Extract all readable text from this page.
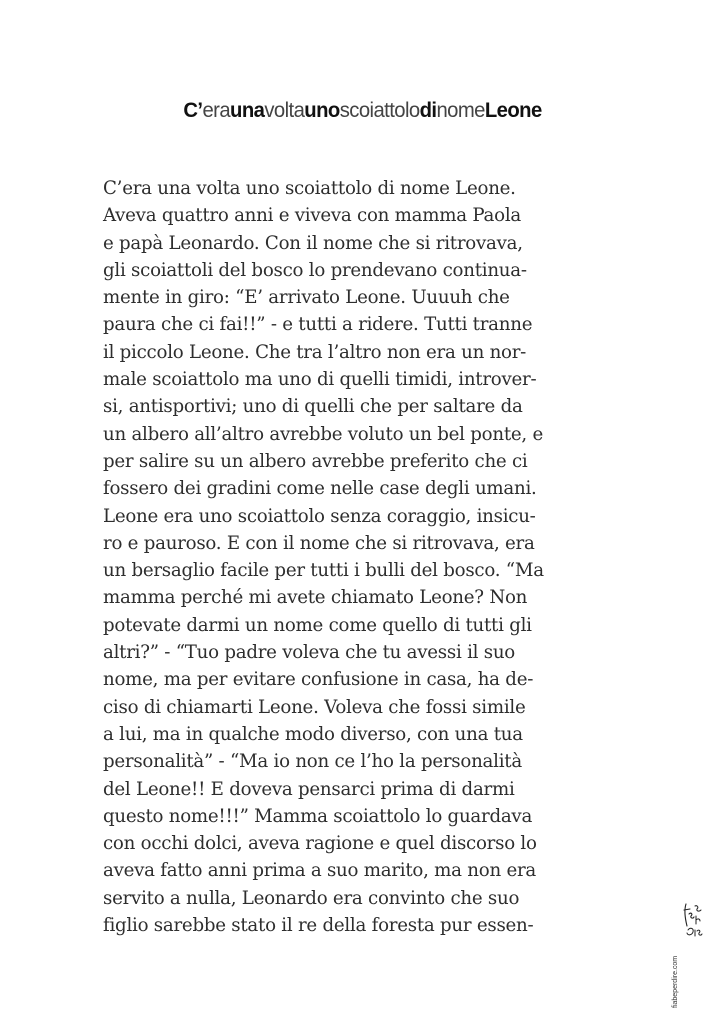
C’eraunavoltaunoscoiattolodinomeLeone
C’era una volta uno scoiattolo di nome Leone.
Aveva quattro anni e viveva con mamma Paola
e papà Leonardo. Con il nome che si ritrovava,
gli scoiattoli del bosco lo prendevano continua-
mente in giro: “E’ arrivato Leone. Uuuuh che
paura che ci fai!!” - e tutti a ridere. Tutti tranne
il piccolo Leone. Che tra l’altro non era un nor-
male scoiattolo ma uno di quelli timidi, introver-
si, antisportivi; uno di quelli che per saltare da
un albero all’altro avrebbe voluto un bel ponte, e
per salire su un albero avrebbe preferito che ci
fossero dei gradini come nelle case degli umani.
Leone era uno scoiattolo senza coraggio, insicu-
ro e pauroso. E con il nome che si ritrovava, era
un bersaglio facile per tutti i bulli del bosco. “Ma
mamma perché mi avete chiamato Leone? Non
potevate darmi un nome come quello di tutti gli
altri?” - “Tuo padre voleva che tu avessi il suo
nome, ma per evitare confusione in casa, ha de-
ciso di chiamarti Leone. Voleva che fossi simile
a lui, ma in qualche modo diverso, con una tua
personalità” - “Ma io non ce l’ho la personalità
del Leone!! E doveva pensarci prima di darmi
questo nome!!!” Mamma scoiattolo lo guardava
con occhi dolci, aveva ragione e quel discorso lo
aveva fatto anni prima a suo marito, ma non era
servito a nulla, Leonardo era convinto che suo
figlio sarebbe stato il re della foresta pur essen-
fiabeperdire.com
